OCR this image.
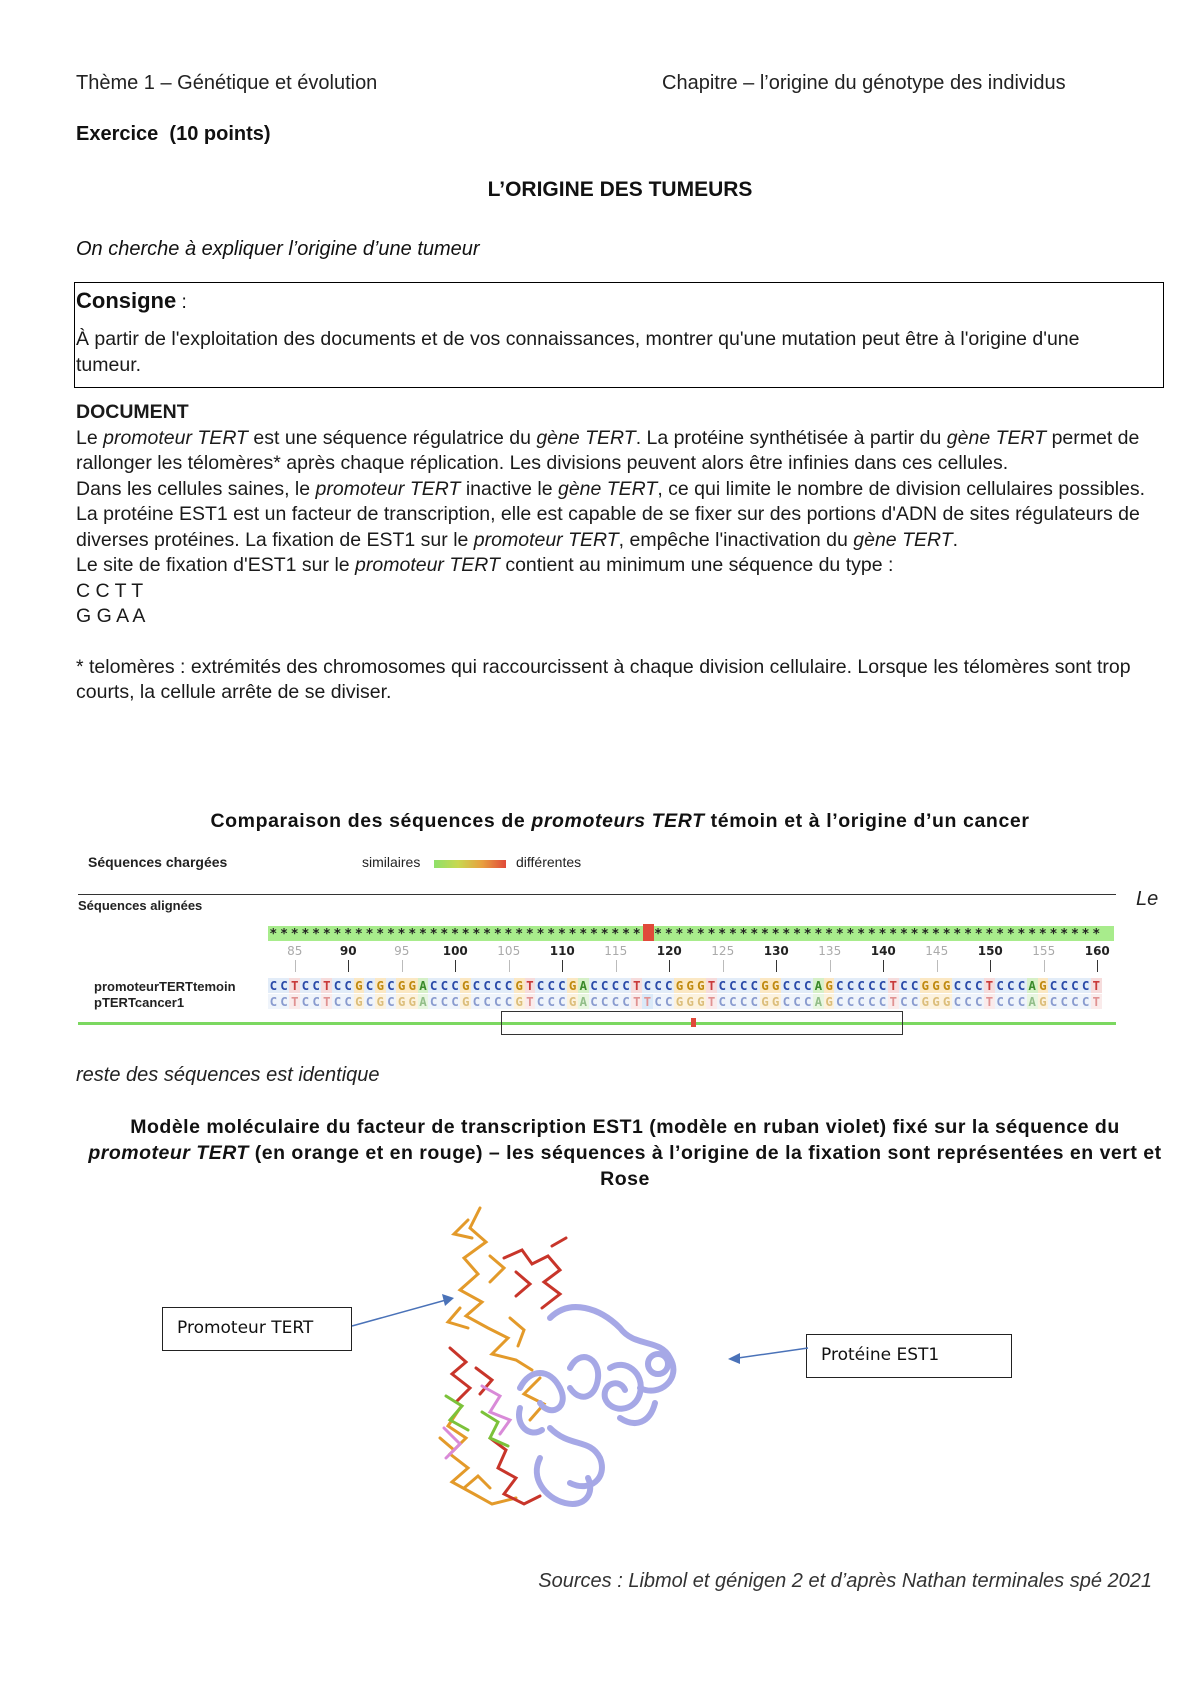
Thème 1 – Génétique et évolution	Chapitre – l’origine du génotype des individus
Exercice (10 points)
L’ORIGINE DES TUMEURS
On cherche à expliquer l’origine d’une tumeur
Consigne :
À partir de l'exploitation des documents et de vos connaissances, montrer qu'une mutation peut être à l'origine d'une tumeur.

DOCUMENT

Le promoteur TERT est une séquence régulatrice du gène TERT. La protéine synthétisée à partir du gène TERT permet de rallonger les télomères* après chaque réplication. Les divisions peuvent alors être infinies dans ces cellules.

Dans les cellules saines, le promoteur TERT inactive le gène TERT, ce qui limite le nombre de division cellulaires possibles.

La protéine EST1 est un facteur de transcription, elle est capable de se fixer sur des portions d'ADN de sites régulateurs de diverses protéines. La fixation de EST1 sur le promoteur TERT, empêche l'inactivation du gène TERT.

Le site de fixation d'EST1 sur le promoteur TERT contient au minimum une séquence du type :

C C T T

G G A A

* telomères : extrémités des chromosomes qui raccourcissent à chaque division cellulaire. Lorsque les télomères sont trop courts, la cellule arrête de se diviser.

Comparaison des séquences de promoteurs TERT témoin et à l’origine d’un cancer
Séquences chargées	similaires	différentes
Séquences alignées	Le
* * * * * * * * * * * * * * * * * * * * * * * * * * * * * * * * * * * * * * * * * * * * * * * * * * * * * * * * * * * * * * * * * * * * * * * * * * * * *
85	90	95	100	105	110	115	120	125	130	135	140	145	150	155	160
promoteurTERTtemoin
pTERTcancer1
C C T C C T C C G C G C G G A C C C G C C C C G T C C C G A C C C C T C C C G G G T C C C C G G C C C A G C C C C C T C C G G G C C C T C C C A G C C C C T
C C T C C T C C G C G C G G A C C C G C C C C G T C C C G A C C C C T T C C G G G T C C C C G G C C C A G C C C C C T C C G G G C C C T C C C A G C C C C T
reste des séquences est identique
Modèle moléculaire du facteur de transcription EST1 (modèle en ruban violet) fixé sur la séquence du promoteur TERT (en orange et en rouge) – les séquences à l’origine de la fixation sont représentées en vert et Rose
Promoteur TERT
Protéine EST1
Sources : Libmol et génigen 2 et d’après Nathan terminales spé 2021
